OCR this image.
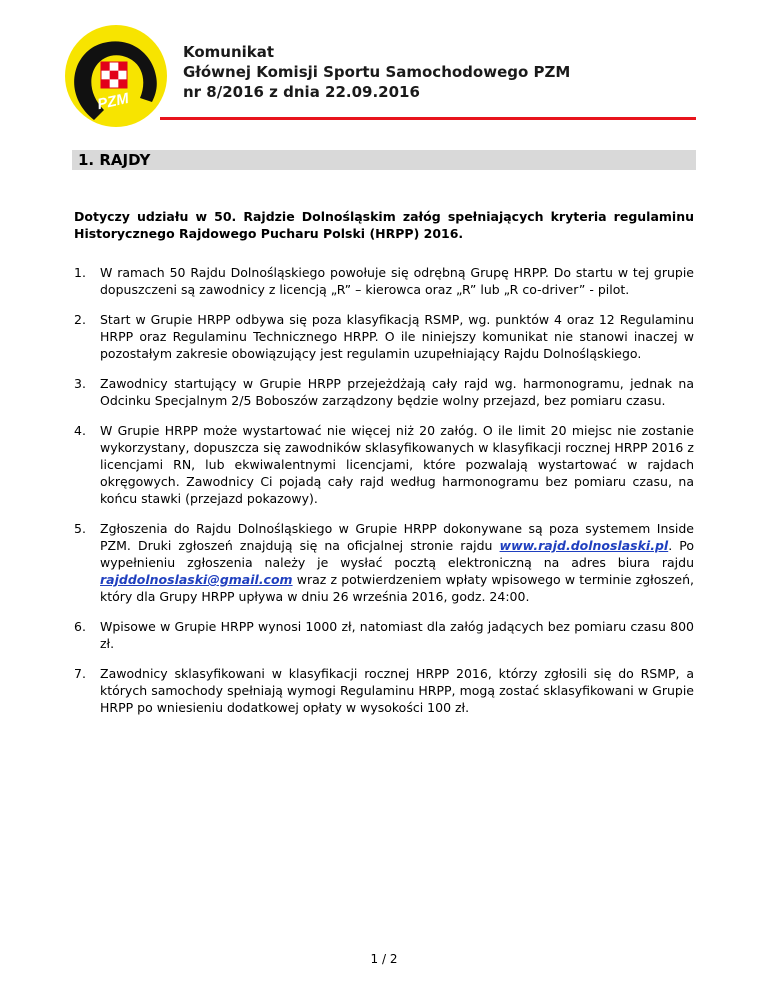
PZM
Komunikat
Głównej Komisji Sportu Samochodowego PZM
nr 8/2016 z dnia 22.09.2016
1. RAJDY
Dotyczy udziału w 50. Rajdzie Dolnośląskim załóg spełniających kryteria regulaminu Historycznego Rajdowego Pucharu Polski (HRPP) 2016.
1. W ramach 50 Rajdu Dolnośląskiego powołuje się odrębną Grupę HRPP. Do startu w tej grupie dopuszczeni są zawodnicy z licencją „R” – kierowca oraz „R” lub „R co-driver” - pilot.
2. Start w Grupie HRPP odbywa się poza klasyfikacją RSMP, wg. punktów 4 oraz 12 Regulaminu HRPP oraz Regulaminu Technicznego HRPP. O ile niniejszy komunikat nie stanowi inaczej w pozostałym zakresie obowiązujący jest regulamin uzupełniający Rajdu Dolnośląskiego.
3. Zawodnicy startujący w Grupie HRPP przejeżdżają cały rajd wg. harmonogramu, jednak na Odcinku Specjalnym 2/5 Boboszów zarządzony będzie wolny przejazd, bez pomiaru czasu.
4. W Grupie HRPP może wystartować nie więcej niż 20 załóg. O ile limit 20 miejsc nie zostanie wykorzystany, dopuszcza się zawodników sklasyfikowanych w klasyfikacji rocznej HRPP 2016 z licencjami RN, lub ekwiwalentnymi licencjami, które pozwalają wystartować w rajdach okręgowych. Zawodnicy Ci pojadą cały rajd według harmonogramu bez pomiaru czasu, na końcu stawki (przejazd pokazowy).
5. Zgłoszenia do Rajdu Dolnośląskiego w Grupie HRPP dokonywane są poza systemem Inside PZM. Druki zgłoszeń znajdują się na oficjalnej stronie rajdu www.rajd.dolnoslaski.pl. Po wypełnieniu zgłoszenia należy je wysłać pocztą elektroniczną na adres biura rajdu rajddolnoslaski@gmail.com wraz z potwierdzeniem wpłaty wpisowego w terminie zgłoszeń, który dla Grupy HRPP upływa w dniu 26 września 2016, godz. 24:00.
6. Wpisowe w Grupie HRPP wynosi 1000 zł, natomiast dla załóg jadących bez pomiaru czasu 800 zł.
7. Zawodnicy sklasyfikowani w klasyfikacji rocznej HRPP 2016, którzy zgłosili się do RSMP, a których samochody spełniają wymogi Regulaminu HRPP, mogą zostać sklasyfikowani w Grupie HRPP po wniesieniu dodatkowej opłaty w wysokości 100 zł.
1 / 2
